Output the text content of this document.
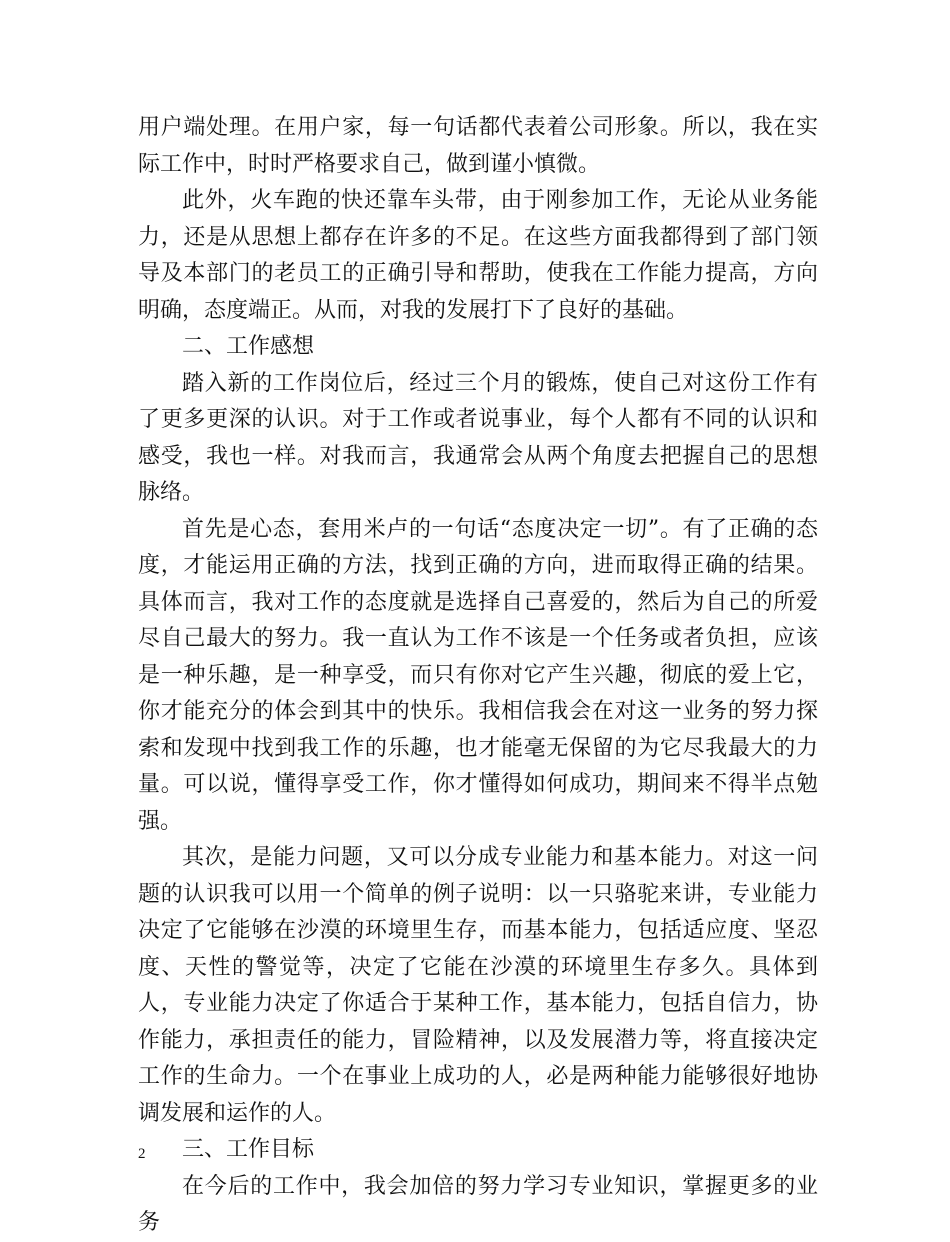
用户端处理。在用户家，每一句话都代表着公司形象。所以，我在实际工作中，时时严格要求自己，做到谨小慎微。

此外，火车跑的快还靠车头带，由于刚参加工作，无论从业务能力，还是从思想上都存在许多的不足。在这些方面我都得到了部门领导及本部门的老员工的正确引导和帮助，使我在工作能力提高，方向明确，态度端正。从而，对我的发展打下了良好的基础。

二、工作感想

踏入新的工作岗位后，经过三个月的锻炼，使自己对这份工作有了更多更深的认识。对于工作或者说事业，每个人都有不同的认识和感受，我也一样。对我而言，我通常会从两个角度去把握自己的思想脉络。

首先是心态，套用米卢的一句话“态度决定一切”。有了正确的态度，才能运用正确的方法，找到正确的方向，进而取得正确的结果。具体而言，我对工作的态度就是选择自己喜爱的，然后为自己的所爱尽自己最大的努力。我一直认为工作不该是一个任务或者负担，应该是一种乐趣，是一种享受，而只有你对它产生兴趣，彻底的爱上它，你才能充分的体会到其中的快乐。我相信我会在对这一业务的努力探索和发现中找到我工作的乐趣，也才能毫无保留的为它尽我最大的力量。可以说，懂得享受工作，你才懂得如何成功，期间来不得半点勉强。

其次，是能力问题，又可以分成专业能力和基本能力。对这一问题的认识我可以用一个简单的例子说明：以一只骆驼来讲，专业能力决定了它能够在沙漠的环境里生存，而基本能力，包括适应度、坚忍度、天性的警觉等，决定了它能在沙漠的环境里生存多久。具体到人，专业能力决定了你适合于某种工作，基本能力，包括自信力，协作能力，承担责任的能力，冒险精神，以及发展潜力等，将直接决定工作的生命力。一个在事业上成功的人，必是两种能力能够很好地协调发展和运作的人。

三、工作目标

在今后的工作中，我会加倍的努力学习专业知识，掌握更多的业务

2
